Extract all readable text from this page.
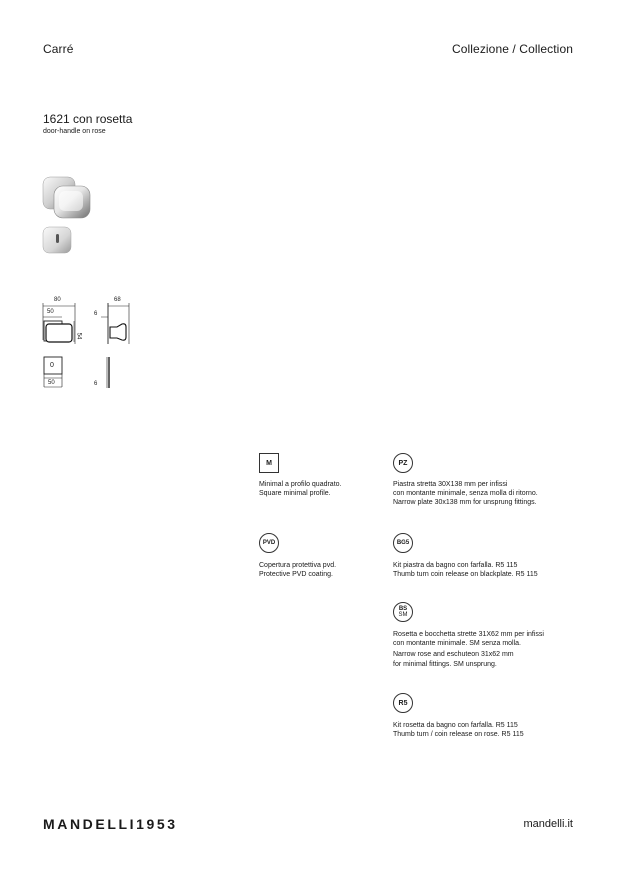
Carré	Collezione / Collection
1621 con rosetta
door-handle on rose
80
50
54
68
6
0
50	6
M
Minimal a profilo quadrato.
Square minimal profile.
PZ
Piastra stretta 30X138 mm per infissi
con montante minimale, senza molla di ritorno.
Narrow plate 30x138 mm for unsprung fittings.
PVD
Copertura protettiva pvd.
Protective PVD coating.
BG5
Kit piastra da bagno con farfalla. R5 115
Thumb turn coin release on blackplate. R5 115
BS
SM
Rosetta e bocchetta strette 31X62 mm per infissi
con montante minimale. SM senza molla.
Narrow rose and eschuteon 31x62 mm
for minimal fittings. SM unsprung.
R5
Kit rosetta da bagno con farfalla. R5 115
Thumb turn / coin release on rose. R5 115
MANDELLI1953	mandelli.it
